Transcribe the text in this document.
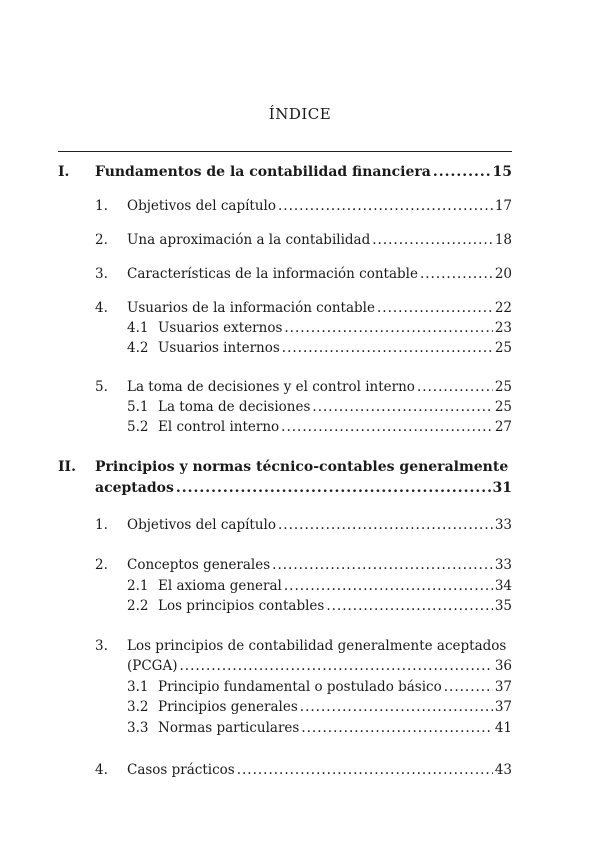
ÍNDICE
I. Fundamentos de la contabilidad financiera .....	15
1. Objetivos del capítulo .....	17
2. Una aproximación a la contabilidad .....	18
3. Características de la información contable .....	20
4. Usuarios de la información contable .....	22
4.1 Usuarios externos .....	23
4.2 Usuarios internos .....	25
5. La toma de decisiones y el control interno .....	25
5.1 La toma de decisiones .....	25
5.2 El control interno .....	27
II. Principios y normas técnico-contables generalmente
aceptados .....	31
1. Objetivos del capítulo .....	33
2. Conceptos generales .....	33
2.1 El axioma general .....	34
2.2 Los principios contables .....	35
3. Los principios de contabilidad generalmente aceptados
(PCGA) .....	36
3.1 Principio fundamental o postulado básico .....	37
3.2 Principios generales .....	37
3.3 Normas particulares .....	41
4. Casos prácticos .....	43
